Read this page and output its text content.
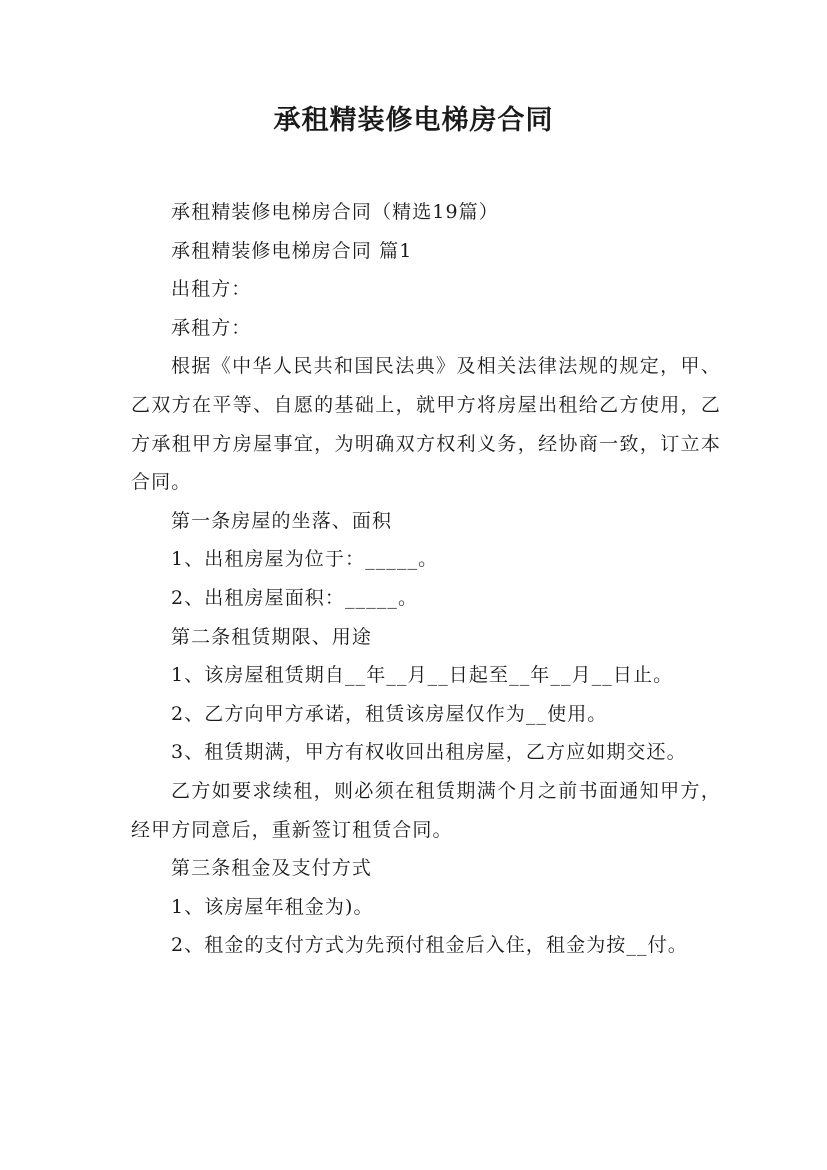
承租精装修电梯房合同

承租精装修电梯房合同（精选19篇）

承租精装修电梯房合同 篇1

出租方：

承租方：

根据《中华人民共和国民法典》及相关法律法规的规定，甲、乙双方在平等、自愿的基础上，就甲方将房屋出租给乙方使用，乙方承租甲方房屋事宜，为明确双方权利义务，经协商一致，订立本合同。

第一条房屋的坐落、面积

1、出租房屋为位于：_____。

2、出租房屋面积：_____。

第二条租赁期限、用途

1、该房屋租赁期自__年__月__日起至__年__月__日止。

2、乙方向甲方承诺，租赁该房屋仅作为__使用。

3、租赁期满，甲方有权收回出租房屋，乙方应如期交还。

乙方如要求续租，则必须在租赁期满个月之前书面通知甲方，经甲方同意后，重新签订租赁合同。

第三条租金及支付方式

1、该房屋年租金为)。

2、租金的支付方式为先预付租金后入住，租金为按__付。
